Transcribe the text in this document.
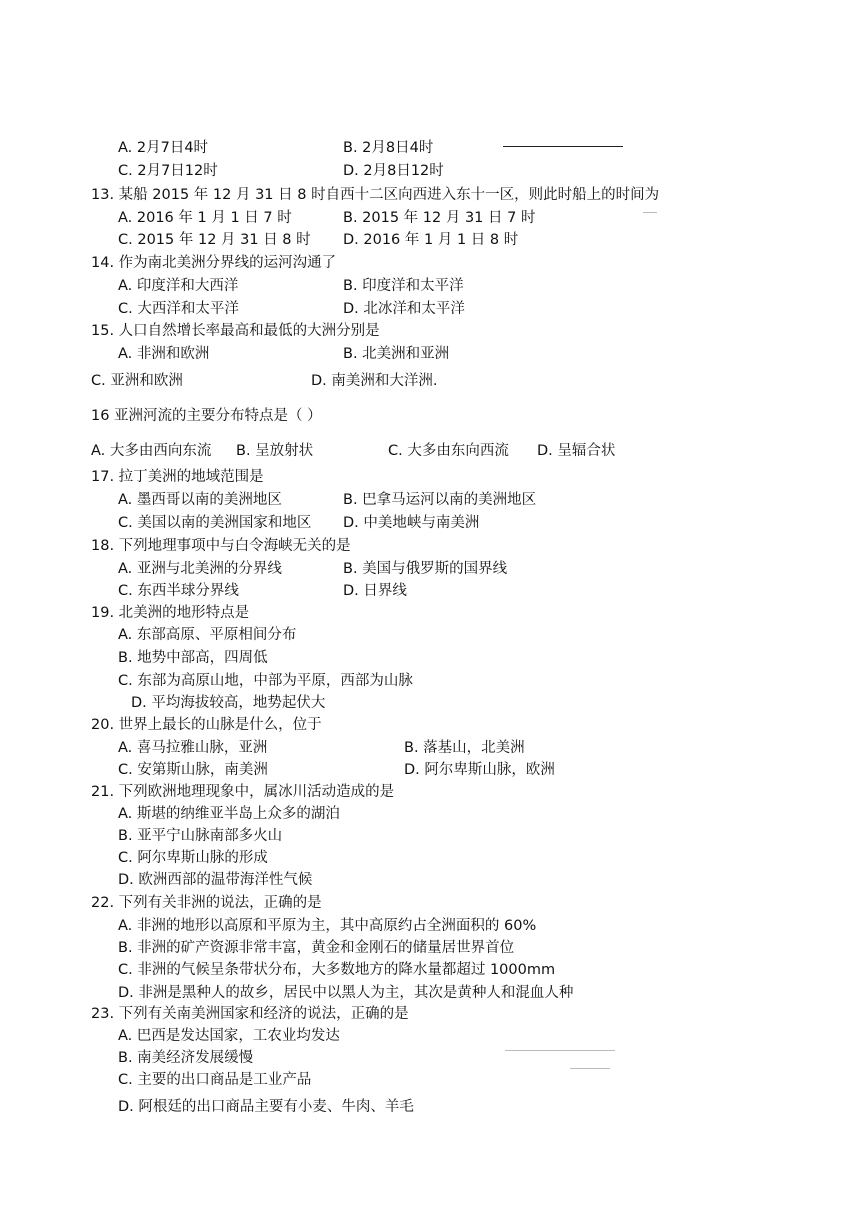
A. 2月7日4时	B. 2月8日4时
C. 2月7日12时	D. 2月8日12时
13. 某船 2015 年 12 月 31 日 8 时自西十二区向西进入东十一区，则此时船上的时间为
A. 2016 年 1 月 1 日 7 时	B. 2015 年 12 月 31 日 7 时
C. 2015 年 12 月 31 日 8 时 D. 2016 年 1 月 1 日 8 时
14. 作为南北美洲分界线的运河沟通了
A. 印度洋和大西洋	B. 印度洋和太平洋
C. 大西洋和太平洋	D. 北冰洋和太平洋
15. 人口自然增长率最高和最低的大洲分别是
A. 非洲和欧洲	B. 北美洲和亚洲
C. 亚洲和欧洲	D. 南美洲和大洋洲.
16 亚洲河流的主要分布特点是（ ）
A. 大多由西向东流 B. 呈放射状	C. 大多由东向西流 D. 呈辐合状
17. 拉丁美洲的地域范围是
A. 墨西哥以南的美洲地区	B. 巴拿马运河以南的美洲地区
C. 美国以南的美洲国家和地区 D. 中美地峡与南美洲
18. 下列地理事项中与白令海峡无关的是
A. 亚洲与北美洲的分界线	B. 美国与俄罗斯的国界线
C. 东西半球分界线	D. 日界线
19. 北美洲的地形特点是
A. 东部高原、平原相间分布
B. 地势中部高，四周低
C. 东部为高原山地，中部为平原，西部为山脉
D. 平均海拔较高，地势起伏大
20. 世界上最长的山脉是什么，位于
A. 喜马拉雅山脉，亚洲	B. 落基山，北美洲
C. 安第斯山脉，南美洲	D. 阿尔卑斯山脉，欧洲
21. 下列欧洲地理现象中，属冰川活动造成的是
A. 斯堪的纳维亚半岛上众多的湖泊
B. 亚平宁山脉南部多火山
C. 阿尔卑斯山脉的形成
D. 欧洲西部的温带海洋性气候
22. 下列有关非洲的说法，正确的是
A. 非洲的地形以高原和平原为主，其中高原约占全洲面积的 60%
B. 非洲的矿产资源非常丰富，黄金和金刚石的储量居世界首位
C. 非洲的气候呈条带状分布，大多数地方的降水量都超过 1000mm
D. 非洲是黑种人的故乡，居民中以黑人为主，其次是黄种人和混血人种
23. 下列有关南美洲国家和经济的说法，正确的是
A. 巴西是发达国家，工农业均发达
B. 南美经济发展缓慢
C. 主要的出口商品是工业产品
D. 阿根廷的出口商品主要有小麦、牛肉、羊毛
